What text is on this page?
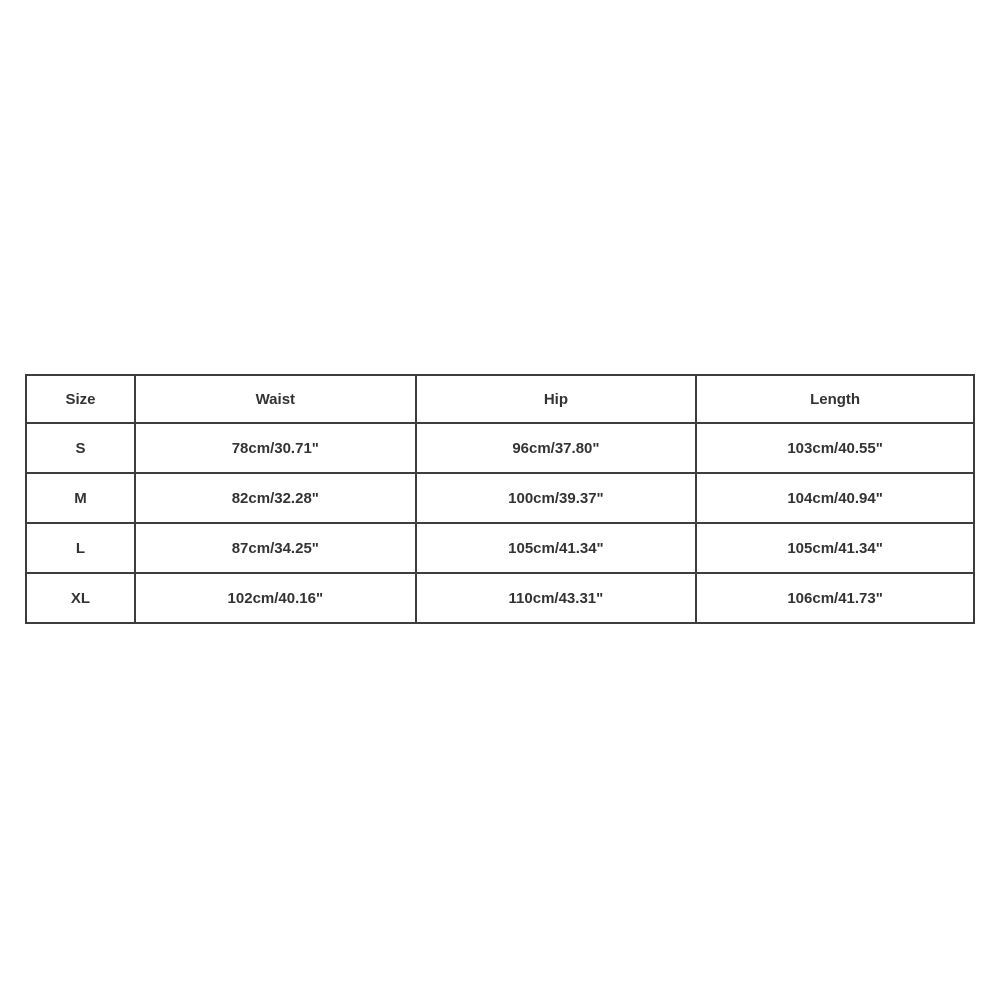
Size	Waist	Hip	Length
S	78cm/30.71"	96cm/37.80"	103cm/40.55"
M	82cm/32.28"	100cm/39.37"	104cm/40.94"
L	87cm/34.25"	105cm/41.34"	105cm/41.34"
XL	102cm/40.16"	110cm/43.31"	106cm/41.73"
